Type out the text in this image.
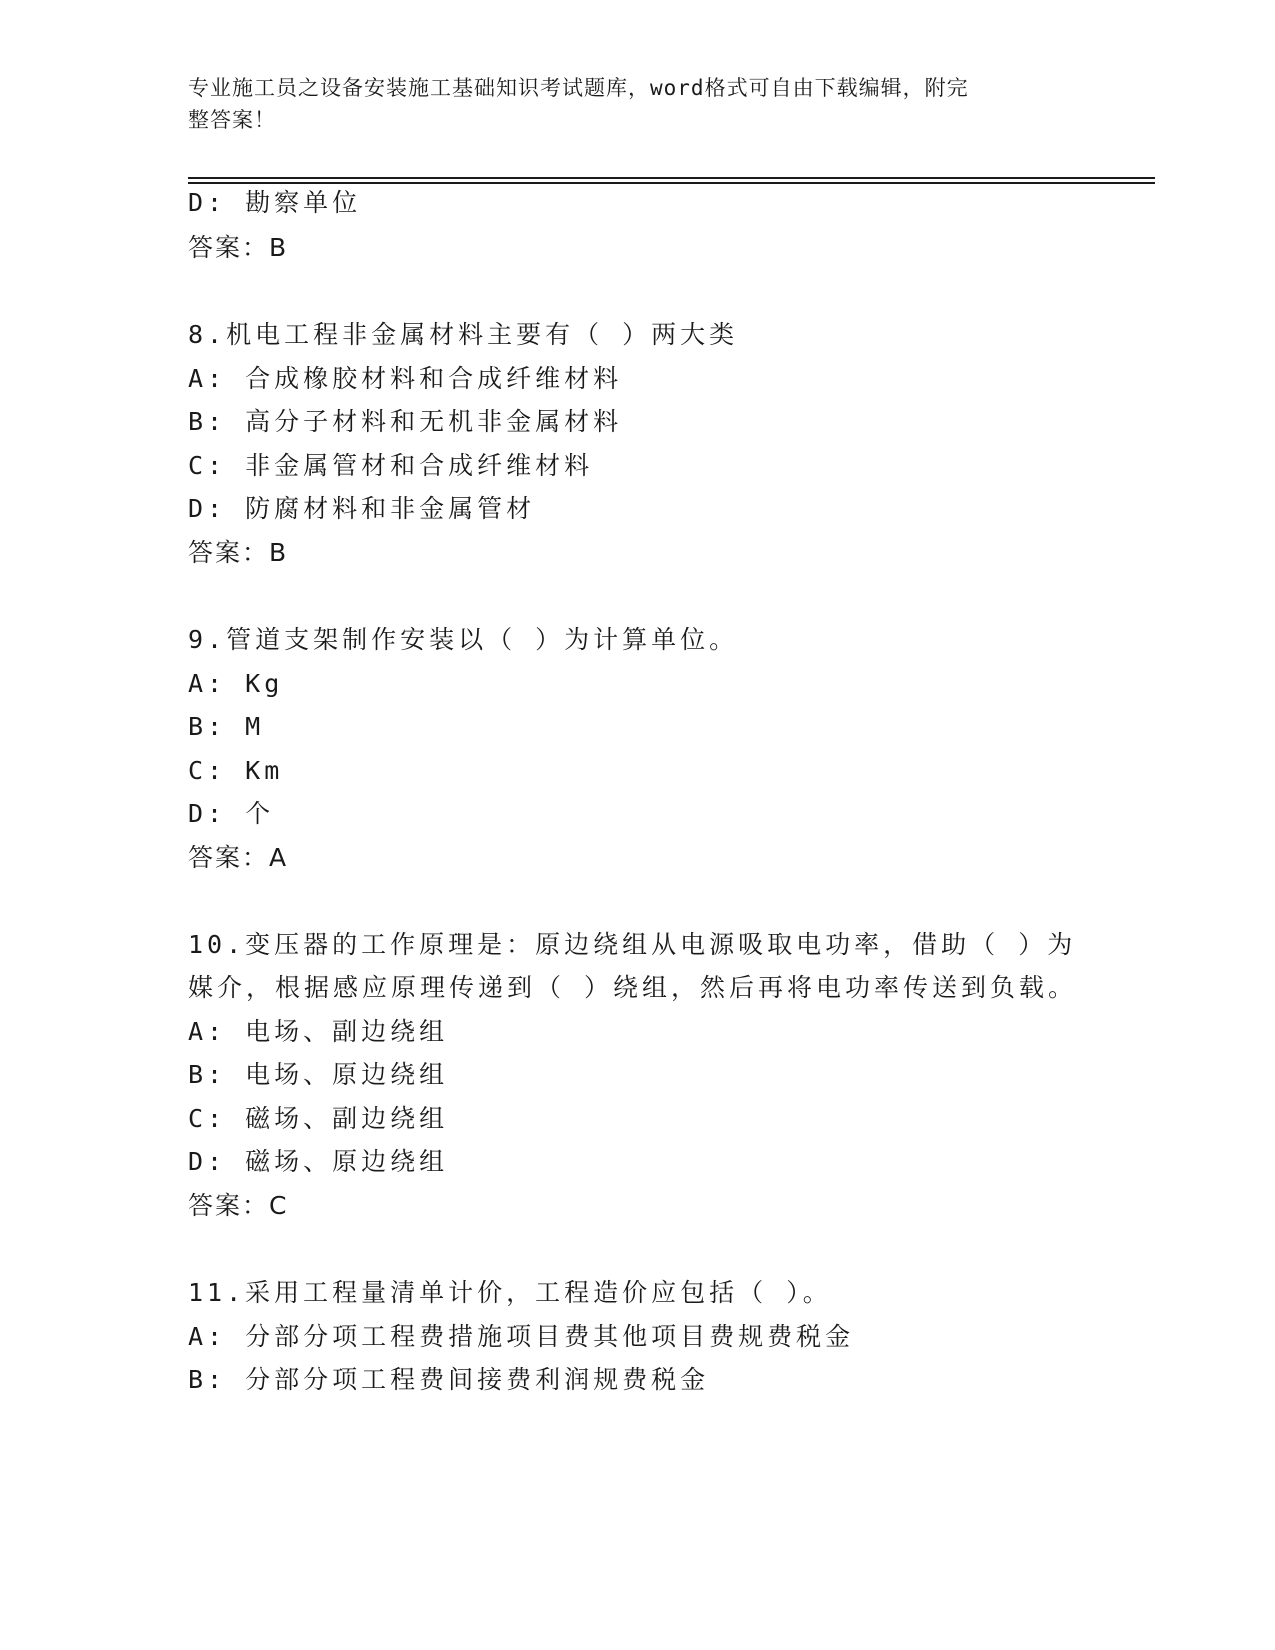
专业施工员之设备安装施工基础知识考试题库，word格式可自由下载编辑，附完
整答案！
D: 勘察单位
答案：B
8.机电工程非金属材料主要有（ ）两大类
A: 合成橡胶材料和合成纤维材料
B: 高分子材料和无机非金属材料
C: 非金属管材和合成纤维材料
D: 防腐材料和非金属管材
答案：B
9.管道支架制作安装以（ ）为计算单位。
A: Kg
B: M
C: Km
D: 个
答案：A
10.变压器的工作原理是：原边绕组从电源吸取电功率，借助（ ）为
媒介，根据感应原理传递到（ ）绕组，然后再将电功率传送到负载。
A: 电场、副边绕组
B: 电场、原边绕组
C: 磁场、副边绕组
D: 磁场、原边绕组
答案：C
11.采用工程量清单计价，工程造价应包括（ ）。
A: 分部分项工程费措施项目费其他项目费规费税金
B: 分部分项工程费间接费利润规费税金
